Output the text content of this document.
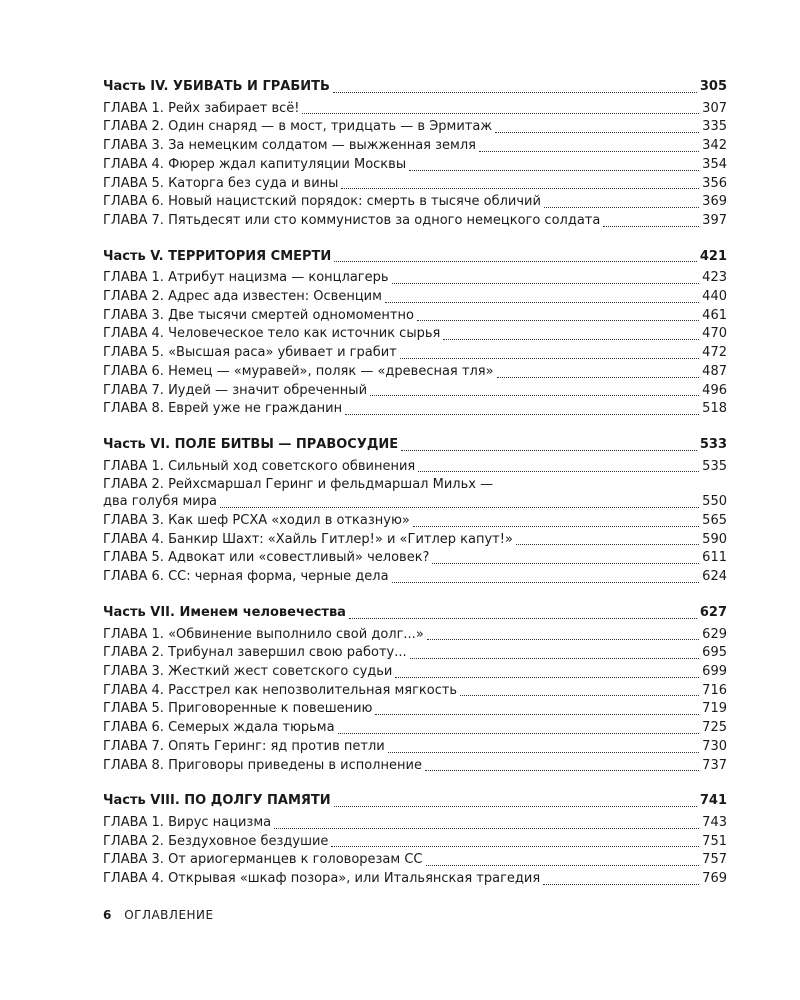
Часть IV. УБИВАТЬ И ГРАБИТЬ	305
ГЛАВА 1. Рейх забирает всё!	307
ГЛАВА 2. Один снаряд — в мост, тридцать — в Эрмитаж	335
ГЛАВА 3. За немецким солдатом — выжженная земля	342
ГЛАВА 4. Фюрер ждал капитуляции Москвы	354
ГЛАВА 5. Каторга без суда и вины	356
ГЛАВА 6. Новый нацистский порядок: смерть в тысяче обличий	369
ГЛАВА 7. Пятьдесят или сто коммунистов за одного немецкого солдата	397
Часть V. ТЕРРИТОРИЯ СМЕРТИ	421
ГЛАВА 1. Атрибут нацизма — концлагерь	423
ГЛАВА 2. Адрес ада известен: Освенцим	440
ГЛАВА 3. Две тысячи смертей одномоментно	461
ГЛАВА 4. Человеческое тело как источник сырья	470
ГЛАВА 5. «Высшая раса» убивает и грабит	472
ГЛАВА 6. Немец — «муравей», поляк — «древесная тля»	487
ГЛАВА 7. Иудей — значит обреченный	496
ГЛАВА 8. Еврей уже не гражданин	518
Часть VI. ПОЛЕ БИТВЫ — ПРАВОСУДИЕ	533
ГЛАВА 1. Сильный ход советского обвинения	535
ГЛАВА 2. Рейхсмаршал Геринг и фельдмаршал Мильх —
два голубя мира	550
ГЛАВА 3. Как шеф РСХА «ходил в отказную»	565
ГЛАВА 4. Банкир Шахт: «Хайль Гитлер!» и «Гитлер капут!»	590
ГЛАВА 5. Адвокат или «совестливый» человек?	611
ГЛАВА 6. СС: черная форма, черные дела	624
Часть VII. Именем человечества	627
ГЛАВА 1. «Обвинение выполнило свой долг...»	629
ГЛАВА 2. Трибунал завершил свою работу...	695
ГЛАВА 3. Жесткий жест советского судьи	699
ГЛАВА 4. Расстрел как непозволительная мягкость	716
ГЛАВА 5. Приговоренные к повешению	719
ГЛАВА 6. Семерых ждала тюрьма	725
ГЛАВА 7. Опять Геринг: яд против петли	730
ГЛАВА 8. Приговоры приведены в исполнение	737
Часть VIII. ПО ДОЛГУ ПАМЯТИ	741
ГЛАВА 1. Вирус нацизма	743
ГЛАВА 2. Бездуховное бездушие	751
ГЛАВА 3. От ариогерманцев к головорезам СС	757
ГЛАВА 4. Открывая «шкаф позора», или Итальянская трагедия	769
6 ОГЛАВЛЕНИЕ
